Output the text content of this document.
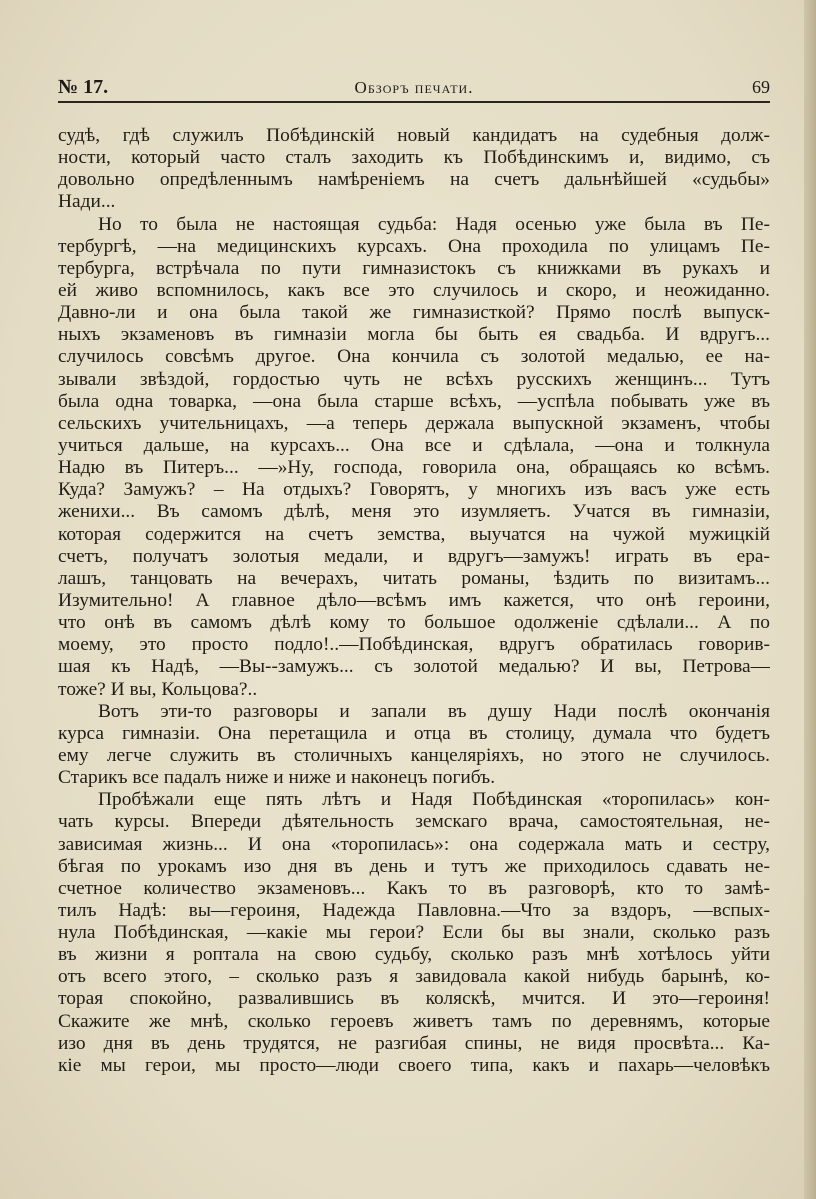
№ 17.	Обзоръ печати.	69
судѣ, гдѣ служилъ Побѣдинскій новый кандидатъ на судебныя долж-
ности, который часто сталъ заходить къ Побѣдинскимъ и, видимо, съ
довольно опредѣленнымъ намѣреніемъ на счетъ дальнѣйшей «судьбы»
Нади...
Но то была не настоящая судьба: Надя осенью уже была въ Пе-
тербургѣ, —на медицинскихъ курсахъ. Она проходила по улицамъ Пе-
тербурга, встрѣчала по пути гимназистокъ съ книжками въ рукахъ и
ей живо вспомнилось, какъ все это случилось и скоро, и неожиданно.
Давно-ли и она была такой же гимназисткой? Прямо послѣ выпуск-
ныхъ экзаменовъ въ гимназіи могла бы быть ея свадьба. И вдругъ...
случилось совсѣмъ другое. Она кончила съ золотой медалью, ее на-
зывали звѣздой, гордостью чуть не всѣхъ русскихъ женщинъ... Тутъ
была одна товарка, —она была старше всѣхъ, —успѣла побывать уже въ
сельскихъ учительницахъ, —а теперь держала выпускной экзаменъ, чтобы
учиться дальше, на курсахъ... Она все и сдѣлала, —она и толкнула
Надю въ Питеръ... —»Ну, господа, говорила она, обращаясь ко всѣмъ.
Куда? Замужъ? – На отдыхъ? Говорятъ, у многихъ изъ васъ уже есть
женихи... Въ самомъ дѣлѣ, меня это изумляетъ. Учатся въ гимназіи,
которая содержится на счетъ земства, выучатся на чужой мужицкій
счетъ, получатъ золотыя медали, и вдругъ—замужъ! играть въ ера-
лашъ, танцовать на вечерахъ, читать романы, ѣздить по визитамъ...
Изумительно! А главное дѣло—всѣмъ имъ кажется, что онѣ героини,
что онѣ въ самомъ дѣлѣ кому то большое одолженіе сдѣлали... А по
моему, это просто подло!..—Побѣдинская, вдругъ обратилась говорив-
шая къ Надѣ, —Вы--замужъ... съ золотой медалью? И вы, Петрова—
тоже? И вы, Кольцова?..
Вотъ эти-то разговоры и запали въ душу Нади послѣ окончанія
курса гимназіи. Она перетащила и отца въ столицу, думала что будетъ
ему легче служить въ столичныхъ канцеляріяхъ, но этого не случилось.
Старикъ все падалъ ниже и ниже и наконецъ погибъ.
Пробѣжали еще пять лѣтъ и Надя Побѣдинская «торопилась» кон-
чать курсы. Впереди дѣятельность земскаго врача, самостоятельная, не-
зависимая жизнь... И она «торопилась»: она содержала мать и сестру,
бѣгая по урокамъ изо дня въ день и тутъ же приходилось сдавать не-
счетное количество экзаменовъ... Какъ то въ разговорѣ, кто то замѣ-
тилъ Надѣ: вы—героиня, Надежда Павловна.—Что за вздоръ, —вспых-
нула Побѣдинская, —какіе мы герои? Если бы вы знали, сколько разъ
въ жизни я роптала на свою судьбу, сколько разъ мнѣ хотѣлось уйти
отъ всего этого, – сколько разъ я завидовала какой нибудь барынѣ, ко-
торая спокойно, развалившись въ коляскѣ, мчится. И это—героиня!
Скажите же мнѣ, сколько героевъ живетъ тамъ по деревнямъ, которые
изо дня въ день трудятся, не разгибая спины, не видя просвѣта... Ка-
кіе мы герои, мы просто—люди своего типа, какъ и пахарь—человѣкъ
